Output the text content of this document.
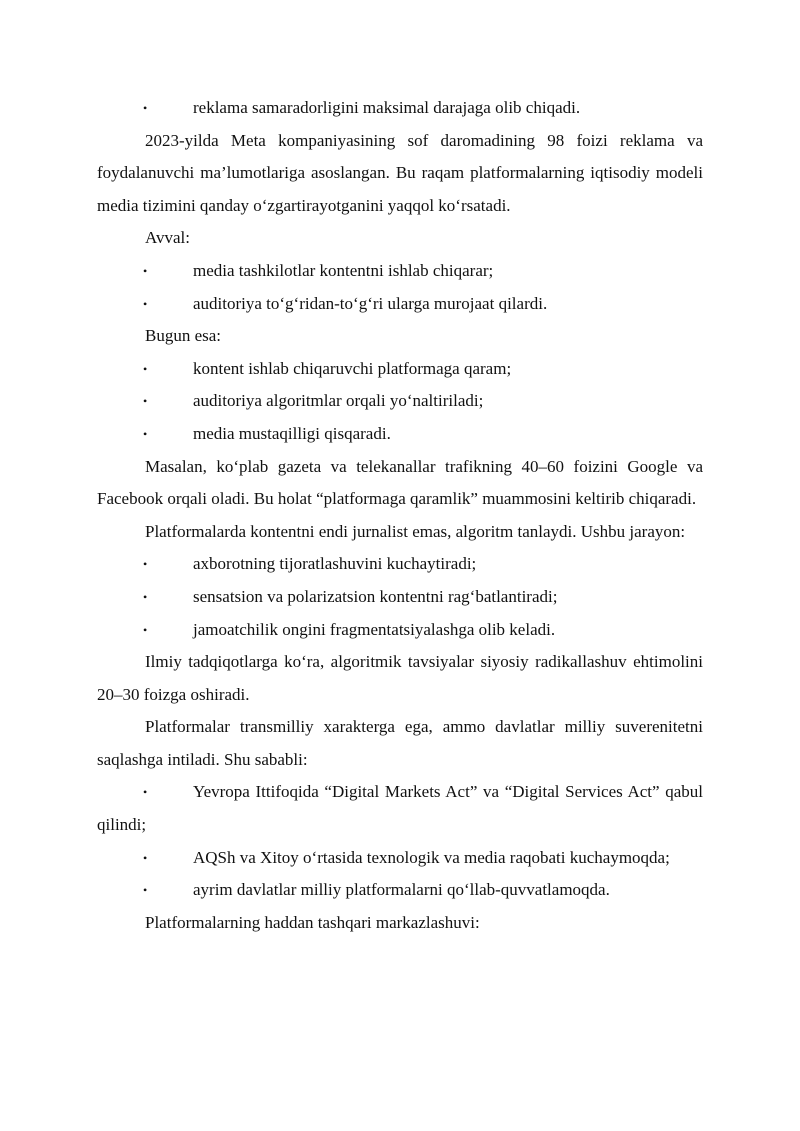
•	reklama samaradorligini maksimal darajaga olib chiqadi.

2023-yilda Meta kompaniyasining sof daromadining 98 foizi reklama va foydalanuvchi ma’lumotlariga asoslangan. Bu raqam platformalarning iqtisodiy modeli media tizimini qanday o‘zgartirayotganini yaqqol ko‘rsatadi.

Avval:

•	media tashkilotlar kontentni ishlab chiqarar;

•	auditoriya to‘g‘ridan-to‘g‘ri ularga murojaat qilardi.

Bugun esa:

•	kontent ishlab chiqaruvchi platformaga qaram;

•	auditoriya algoritmlar orqali yo‘naltiriladi;

•	media mustaqilligi qisqaradi.

Masalan, ko‘plab gazeta va telekanallar trafikning 40–60 foizini Google va Facebook orqali oladi. Bu holat “platformaga qaramlik” muammosini keltirib chiqaradi.

Platformalarda kontentni endi jurnalist emas, algoritm tanlaydi. Ushbu jarayon:

•	axborotning tijoratlashuvini kuchaytiradi;

•	sensatsion va polarizatsion kontentni rag‘batlantiradi;

•	jamoatchilik ongini fragmentatsiyalashga olib keladi.

Ilmiy tadqiqotlarga ko‘ra, algoritmik tavsiyalar siyosiy radikallashuv ehtimolini 20–30 foizga oshiradi.

Platformalar transmilliy xarakterga ega, ammo davlatlar milliy suverenitetni saqlashga intiladi. Shu sababli:

•	Yevropa Ittifoqida “Digital Markets Act” va “Digital Services Act” qabul qilindi;

•	AQSh va Xitoy o‘rtasida texnologik va media raqobati kuchaymoqda;

•	ayrim davlatlar milliy platformalarni qo‘llab-quvvatlamoqda.

Platformalarning haddan tashqari markazlashuvi:
